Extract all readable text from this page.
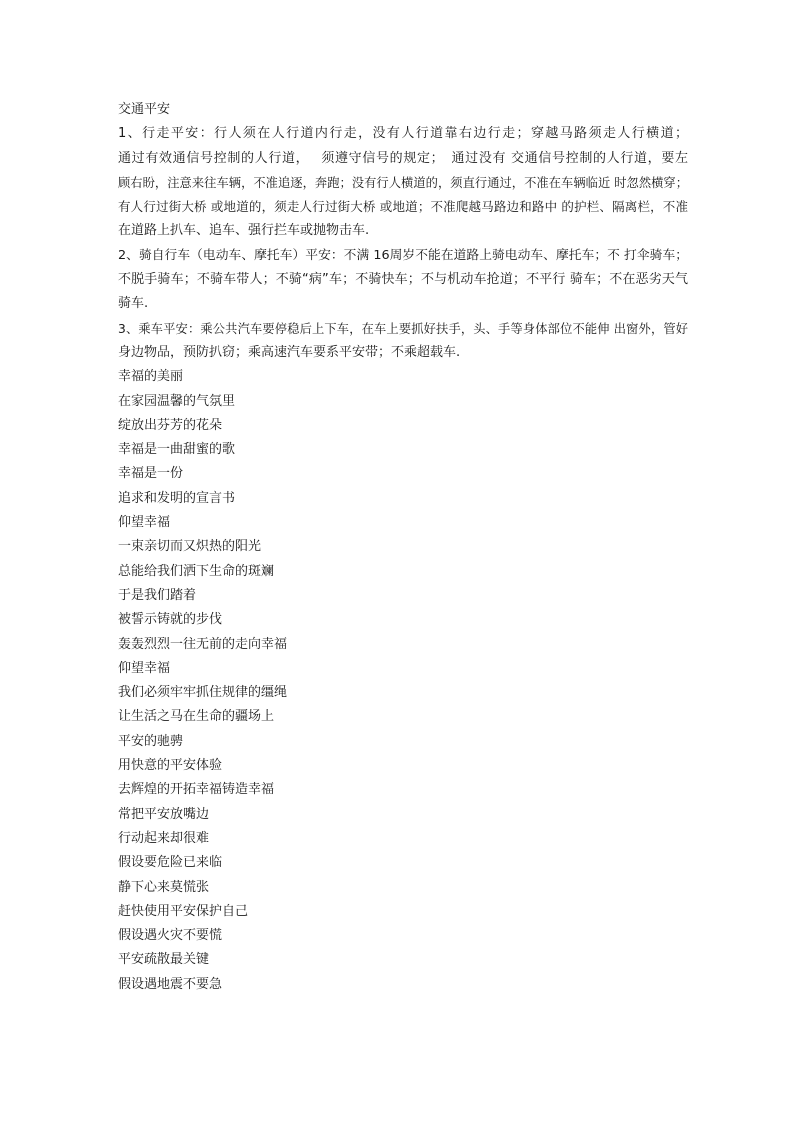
交通平安
1、行走平安：行人须在人行道内行走，没有人行道靠右边行走；穿越马路须走人行横道；
通过有效通信号控制的人行道，　 须遵守信号的规定；　通过没有 交通信号控制的人行道，要左
顾右盼，注意来往车辆，不准追逐，奔跑；没有行人横道的，须直行通过，不准在车辆临近 时忽然横穿；
有人行过街大桥 或地道的，须走人行过街大桥 或地道；不准爬越马路边和路中 的护栏、隔离栏，不准
在道路上扒车、追车、强行拦车或抛物击车.
2、骑自行车（电动车、摩托车）平安：不满 16周岁不能在道路上骑电动车、摩托车；不 打伞骑车；
不脱手骑车；不骑车带人；不骑“病”车；不骑快车；不与机动车抢道；不平行 骑车；不在恶劣天气
骑车.
3、乘车平安：乘公共汽车要停稳后上下车，在车上要抓好扶手，头、手等身体部位不能伸 出窗外，管好
身边物品，预防扒窃；乘高速汽车要系平安带；不乘超载车.
幸福的美丽
在家园温馨的气氛里
绽放出芬芳的花朵
幸福是一曲甜蜜的歌
幸福是一份
追求和发明的宣言书
仰望幸福
一束亲切而又炽热的阳光
总能给我们洒下生命的斑斓
于是我们踏着
被誓示铸就的步伐
轰轰烈烈一往无前的走向幸福
仰望幸福
我们必须牢牢抓住规律的缰绳
让生活之马在生命的疆场上
平安的驰骋
用快意的平安体验
去辉煌的开拓幸福铸造幸福
常把平安放嘴边
行动起来却很难
假设要危险已来临
静下心来莫慌张
赶快使用平安保护自己
假设遇火灾不要慌
平安疏散最关键
假设遇地震不要急
